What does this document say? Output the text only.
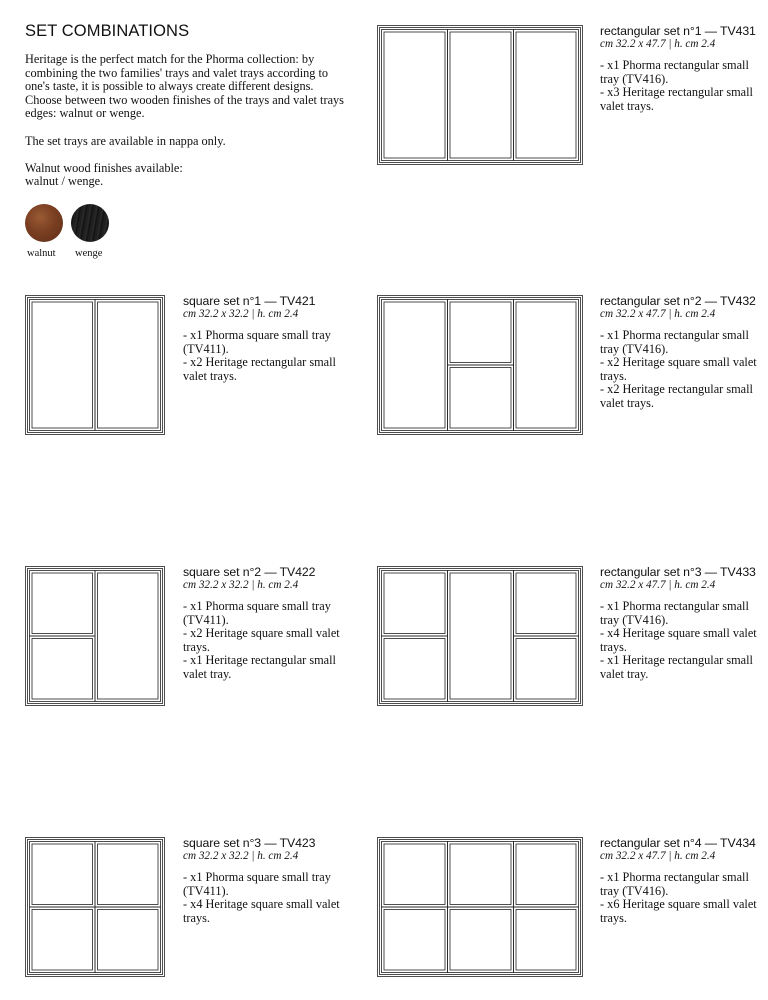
SET COMBINATIONS

Heritage is the perfect match for the Phorma collection: by combining the two families' trays and valet trays according to one's taste, it is possible to always create different designs.

Choose between two wooden finishes of the trays and valet trays edges: walnut or wenge.

The set trays are available in nappa only.

Walnut wood finishes available:

walnut / wenge.

walnut wenge
rectangular set n°1 — TV431
cm 32.2 x 47.7 | h. cm 2.4
- x1 Phorma rectangular small tray (TV416).
- x3 Heritage rectangular small valet trays.
square set n°1 — TV421
cm 32.2 x 32.2 | h. cm 2.4
- x1 Phorma square small tray (TV411).
- x2 Heritage rectangular small valet trays.
rectangular set n°2 — TV432
cm 32.2 x 47.7 | h. cm 2.4
- x1 Phorma rectangular small tray (TV416).
- x2 Heritage square small valet trays.
- x2 Heritage rectangular small valet trays.
square set n°2 — TV422
cm 32.2 x 32.2 | h. cm 2.4
- x1 Phorma square small tray (TV411).
- x2 Heritage square small valet trays.
- x1 Heritage rectangular small valet tray.
rectangular set n°3 — TV433
cm 32.2 x 47.7 | h. cm 2.4
- x1 Phorma rectangular small tray (TV416).
- x4 Heritage square small valet trays.
- x1 Heritage rectangular small valet tray.
square set n°3 — TV423
cm 32.2 x 32.2 | h. cm 2.4
- x1 Phorma square small tray (TV411).
- x4 Heritage square small valet trays.
rectangular set n°4 — TV434
cm 32.2 x 47.7 | h. cm 2.4
- x1 Phorma rectangular small tray (TV416).
- x6 Heritage square small valet trays.
